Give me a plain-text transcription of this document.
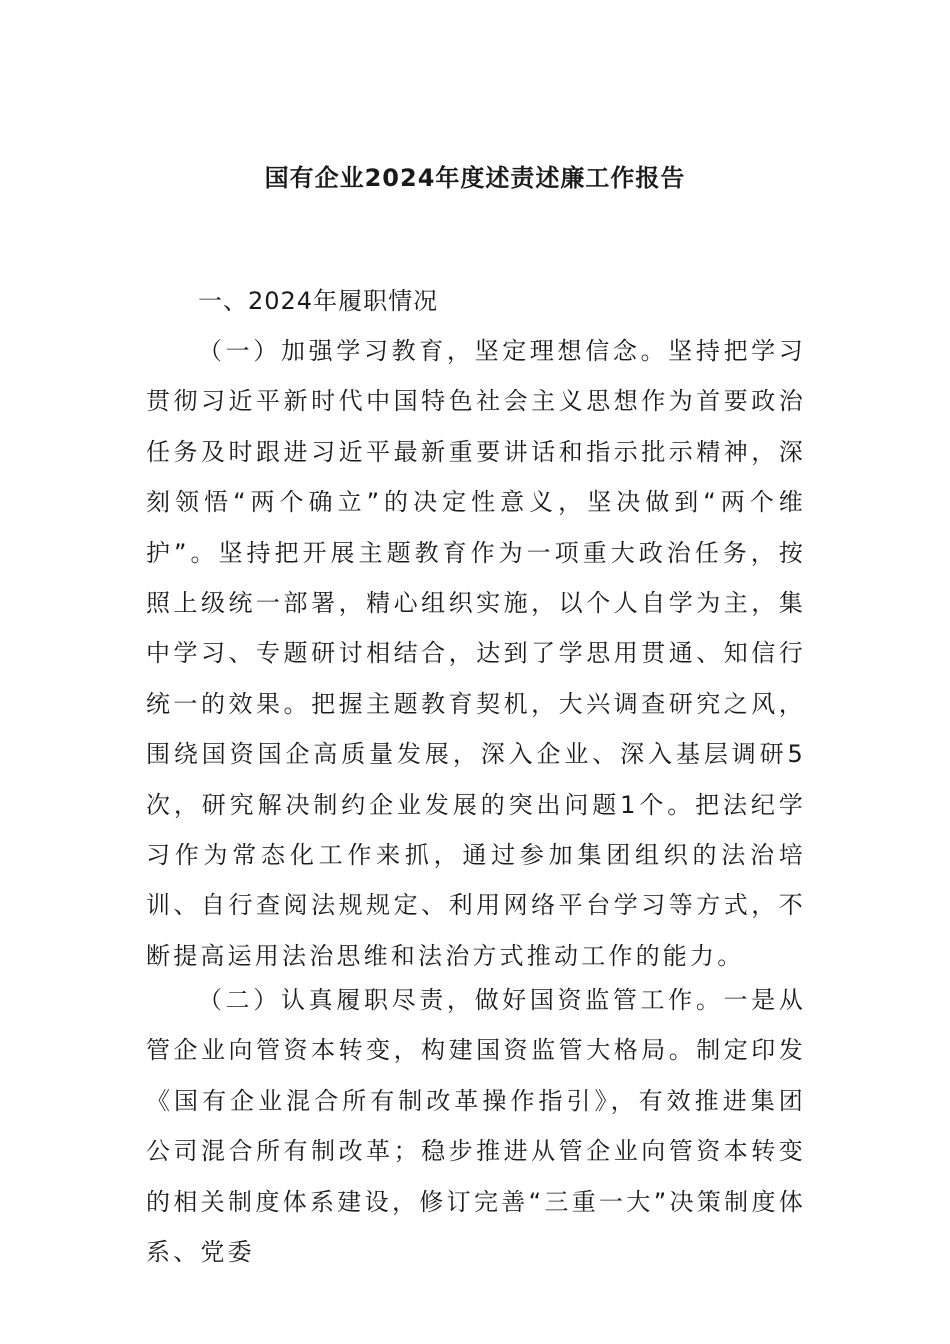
国有企业2024年度述责述廉工作报告
一、2024年履职情况
（一）加强学习教育，坚定理想信念。坚持把学习贯彻习近平新时代中国特色社会主义思想作为首要政治任务及时跟进习近平最新重要讲话和指示批示精神，深刻领悟“两个确立”的决定性意义，坚决做到“两个维护”。坚持把开展主题教育作为一项重大政治任务，按照上级统一部署，精心组织实施，以个人自学为主，集中学习、专题研讨相结合，达到了学思用贯通、知信行统一的效果。把握主题教育契机，大兴调查研究之风，围绕国资国企高质量发展，深入企业、深入基层调研5次，研究解决制约企业发展的突出问题1个。把法纪学习作为常态化工作来抓，通过参加集团组织的法治培训、自行查阅法规规定、利用网络平台学习等方式，不断提高运用法治思维和法治方式推动工作的能力。
（二）认真履职尽责，做好国资监管工作。一是从管企业向管资本转变，构建国资监管大格局。制定印发《国有企业混合所有制改革操作指引》，有效推进集团公司混合所有制改革；稳步推进从管企业向管资本转变的相关制度体系建设，修订完善“三重一大”决策制度体系、党委
